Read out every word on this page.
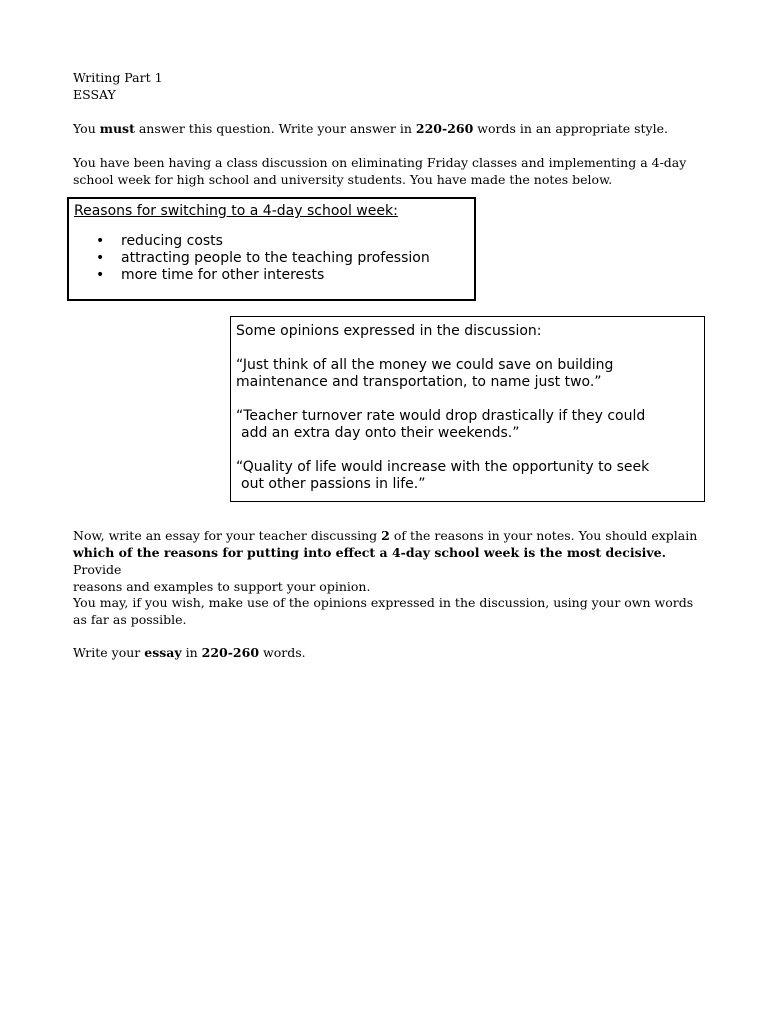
Writing Part 1
ESSAY
You must answer this question. Write your answer in 220-260 words in an appropriate style.
You have been having a class discussion on eliminating Friday classes and implementing a 4-day
school week for high school and university students. You have made the notes below.

Reasons for switching to a 4-day school week:

• reducing costs
• attracting people to the teaching profession
• more time for other interests

Some opinions expressed in the discussion:

“Just think of all the money we could save on building

maintenance and transportation, to name just two.”

“Teacher turnover rate would drop drastically if they could

add an extra day onto their weekends.”

“Quality of life would increase with the opportunity to seek

out other passions in life.”

Now, write an essay for your teacher discussing 2 of the reasons in your notes. You should explain
which of the reasons for putting into effect a 4-day school week is the most decisive. Provide
reasons and examples to support your opinion.
You may, if you wish, make use of the opinions expressed in the discussion, using your own words
as far as possible.
Write your essay in 220-260 words.
